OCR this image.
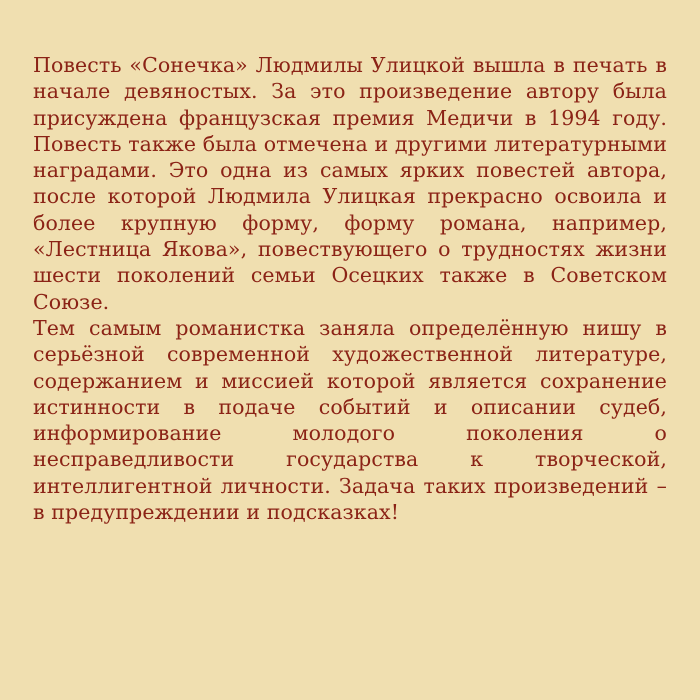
Повесть «Сонечка» Людмилы Улицкой вышла в печать в начале девяностых. За это произведение автору была присуждена французская премия Медичи в 1994 году. Повесть также была отмечена и другими литературными наградами. Это одна из самых ярких повестей автора, после которой Людмила Улицкая прекрасно освоила и более крупную форму, форму романа, например, «Лестница Якова», повествующего о трудностях жизни шести поколений семьи Осецких также в Советском Союзе.

Тем самым романистка заняла определённую нишу в серьёзной современной художественной литературе, содержанием и миссией которой является сохранение истинности в подаче событий и описании судеб, информирование молодого поколения о несправедливости государства к творческой, интеллигентной личности. Задача таких произведений – в предупреждении и подсказках!
